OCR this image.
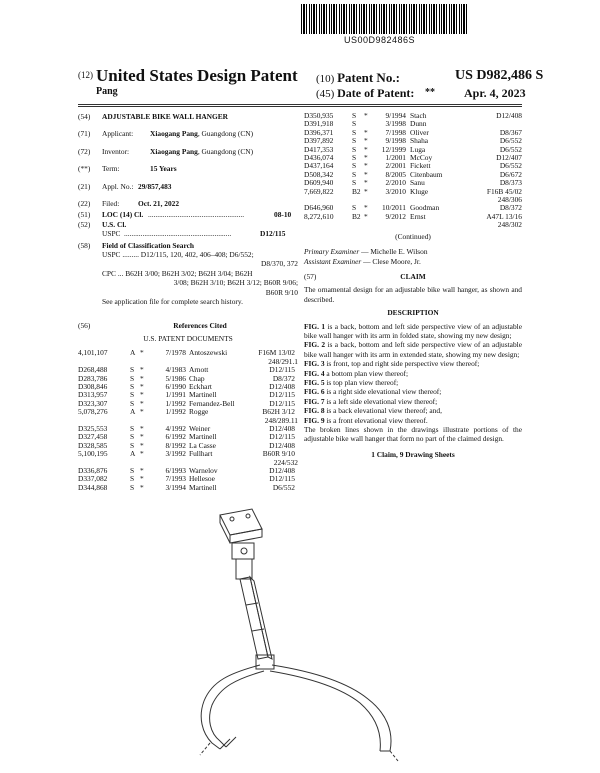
US00D982486S
(12) United States Design Patent
Pang
(10) Patent No.:	US D982,486 S
(45) Date of Patent: ** Apr. 4, 2023
(54)	ADJUSTABLE BIKE WALL HANGER
(71)	Applicant:	Xiaogang Pang, Guangdong (CN)
(72)	Inventor:	Xiaogang Pang, Guangdong (CN)
(**)	Term:	15 Years
(21)	Appl. No.: 29/857,483
(22)	Filed:	Oct. 21, 2022
(51)	LOC (14) Cl. ....................................................	08-10
(52)	U.S. Cl.
USPC ..........................................................	D12/115
(58)	Field of Classification Search
USPC ......... D12/115, 120, 402, 406–408; D6/552;
D8/370, 372
CPC ... B62H 3/00; B62H 3/02; B62H 3/04; B62H
3/08; B62H 3/10; B62H 3/12; B60R 9/06;
B60R 9/10
See application file for complete search history.
(56)	References Cited
U.S. PATENT DOCUMENTS
4,101,107	A *	7/1978 Antoszewski	F16M 13/02
248/291.1
D268,488	S *	4/1983 Arnott	D12/115
D283,786	S *	5/1986 Chap	D8/372
D308,846	S *	6/1990 Eckhart	D12/408
D313,957	S *	1/1991 Martinell	D12/115
D323,307	S *	1/1992 Fernandez-Bell	D12/115
5,078,276	A *	1/1992 Rogge	B62H 3/12
248/289.11
D325,553	S *	4/1992 Weiner	D12/408
D327,458	S *	6/1992 Martinell	D12/115
D328,585	S *	8/1992 La Casse	D12/408
5,100,195	A *	3/1992 Fullhart	B60R 9/10
224/532
D336,876	S *	6/1993 Warnelov	D12/408
D337,082	S *	7/1993 Hellesoe	D12/115
D344,868	S *	3/1994 Martinell	D6/552
D350,935	S	*	9/1994 Stach	D12/408
D391,918	S	3/1998 Dunn
D396,371	S	*	7/1998 Oliver	D8/367
D397,892	S	*	9/1998 Shaha	D6/552
D417,353	S	*	12/1999 Luga	D6/552
D436,074	S	*	1/2001 McCoy	D12/407
D437,164	S	*	2/2001 Fickett	D6/552
D508,342	S	*	8/2005 Citenbaum	D6/672
D609,940	S	*	2/2010 Sanu	D8/373
7,669,822	B2 *	3/2010 Kluge	F16B 45/02
248/306
D646,960	S	*	10/2011 Goodman	D8/372
8,272,610	B2 *	9/2012 Ernst	A47L 13/16
248/302
(Continued)
Primary Examiner — Michelle E. Wilson
Assistant Examiner — Clese Moore, Jr.
(57)	CLAIM
The ornamental design for an adjustable bike wall hanger, as shown and described.
DESCRIPTION
FIG. 1 is a back, bottom and left side perspective view of an adjustable bike wall hanger with its arm in folded state, showing my new design;
FIG. 2 is a back, bottom and left side perspective view of an adjustable bike wall hanger with its arm in extended state, showing my new design;
FIG. 3 is front, top and right side perspective view thereof;
FIG. 4 a bottom plan view thereof;
FIG. 5 is top plan view thereof;
FIG. 6 is a right side elevational view thereof;
FIG. 7 is a left side elevational view thereof;
FIG. 8 is a back elevational view thereof; and,
FIG. 9 is a front elevational view thereof.
The broken lines shown in the drawings illustrate portions of the adjustable bike wall hanger that form no part of the claimed design.
1 Claim, 9 Drawing Sheets
